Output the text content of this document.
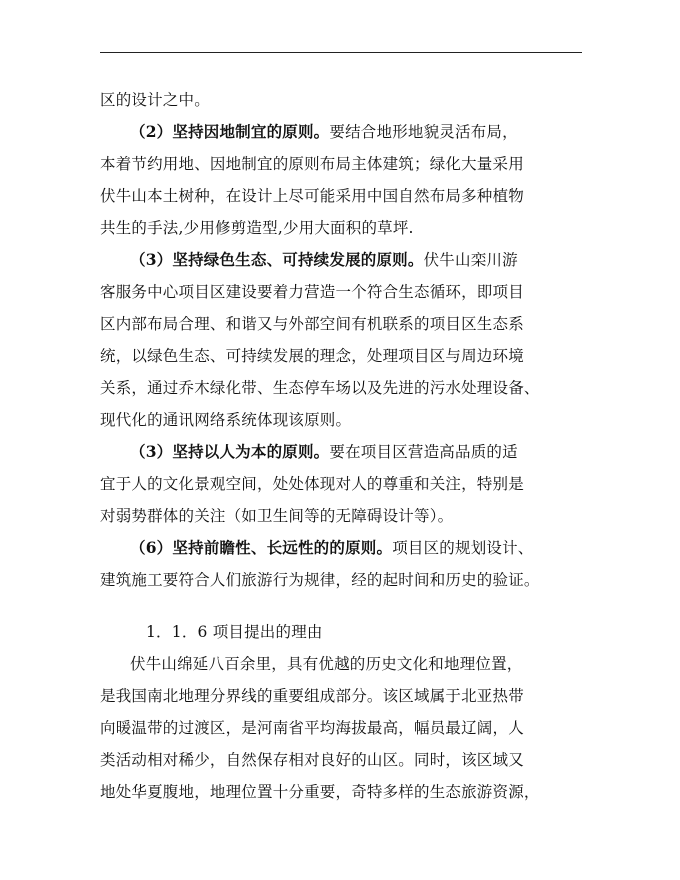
区的设计之中。
（2）坚持因地制宜的原则。要结合地形地貌灵活布局，
本着节约用地、因地制宜的原则布局主体建筑；绿化大量采用
伏牛山本土树种，在设计上尽可能采用中国自然布局多种植物
共生的手法,少用修剪造型,少用大面积的草坪.
（3）坚持绿色生态、可持续发展的原则。伏牛山栾川游
客服务中心项目区建设要着力营造一个符合生态循环，即项目
区内部布局合理、和谐又与外部空间有机联系的项目区生态系
统，以绿色生态、可持续发展的理念，处理项目区与周边环境
关系，通过乔木绿化带、生态停车场以及先进的污水处理设备、
现代化的通讯网络系统体现该原则。
（3）坚持以人为本的原则。要在项目区营造高品质的适
宜于人的文化景观空间，处处体现对人的尊重和关注，特别是
对弱势群体的关注（如卫生间等的无障碍设计等）。
（6）坚持前瞻性、长远性的的原则。项目区的规划设计、
建筑施工要符合人们旅游行为规律，经的起时间和历史的验证。
1．1．6 项目提出的理由
伏牛山绵延八百余里，具有优越的历史文化和地理位置，
是我国南北地理分界线的重要组成部分。该区域属于北亚热带
向暖温带的过渡区，是河南省平均海拔最高，幅员最辽阔，人
类活动相对稀少，自然保存相对良好的山区。同时，该区域又
地处华夏腹地，地理位置十分重要，奇特多样的生态旅游资源，
